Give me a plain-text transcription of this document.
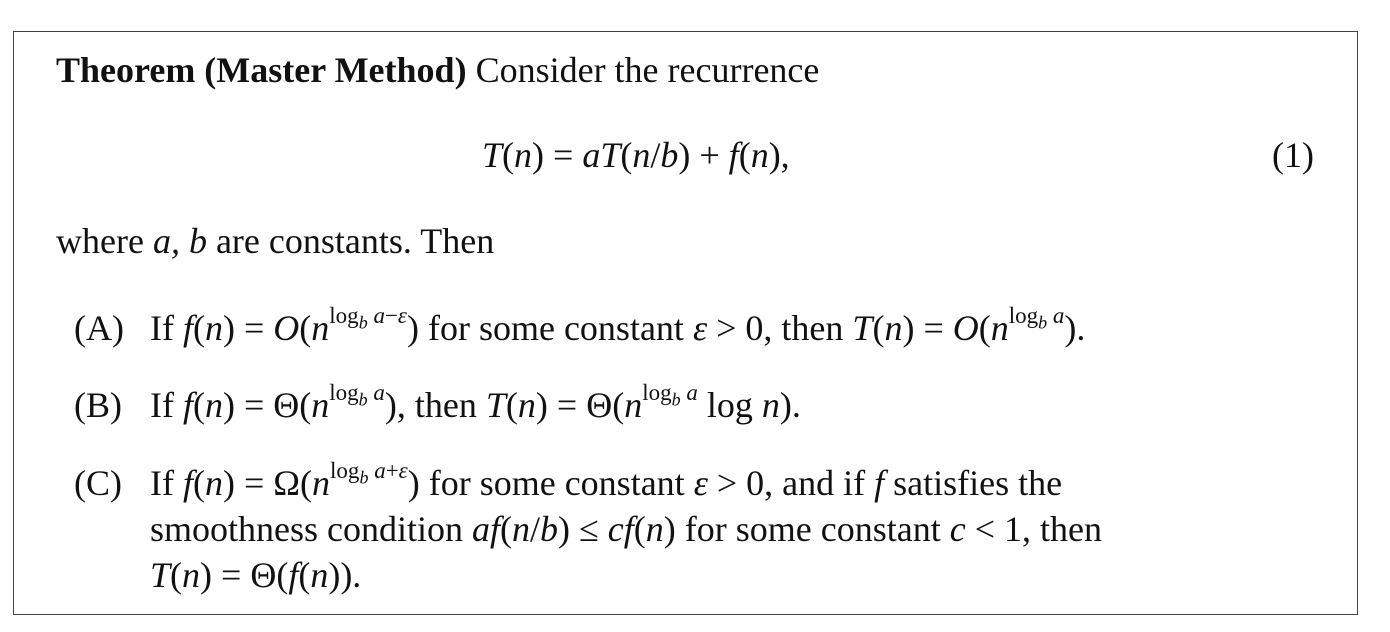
Theorem (Master Method) Consider the recurrence
T(n) = aT(n/b) + f(n),	(1)
where a, b are constants. Then
(A) If $f(n) = O(n^{log_b a-\varepsilon})$ for some constant ε > 0, then $T(n) = O(n^{log_b a})$.
(B) If $f(n) = \Theta(n^{log_b a})$, then $T(n) = \Theta(n^{log_b a}$ log n).
(C) If $f(n) = \Omega(n^{log_b a+\varepsilon})$ for some constant ε > 0, and if f satisfies the
smoothness condition af(n/b) ≤ cf(n) for some constant c < 1, then
T(n) = Θ(f(n)).
